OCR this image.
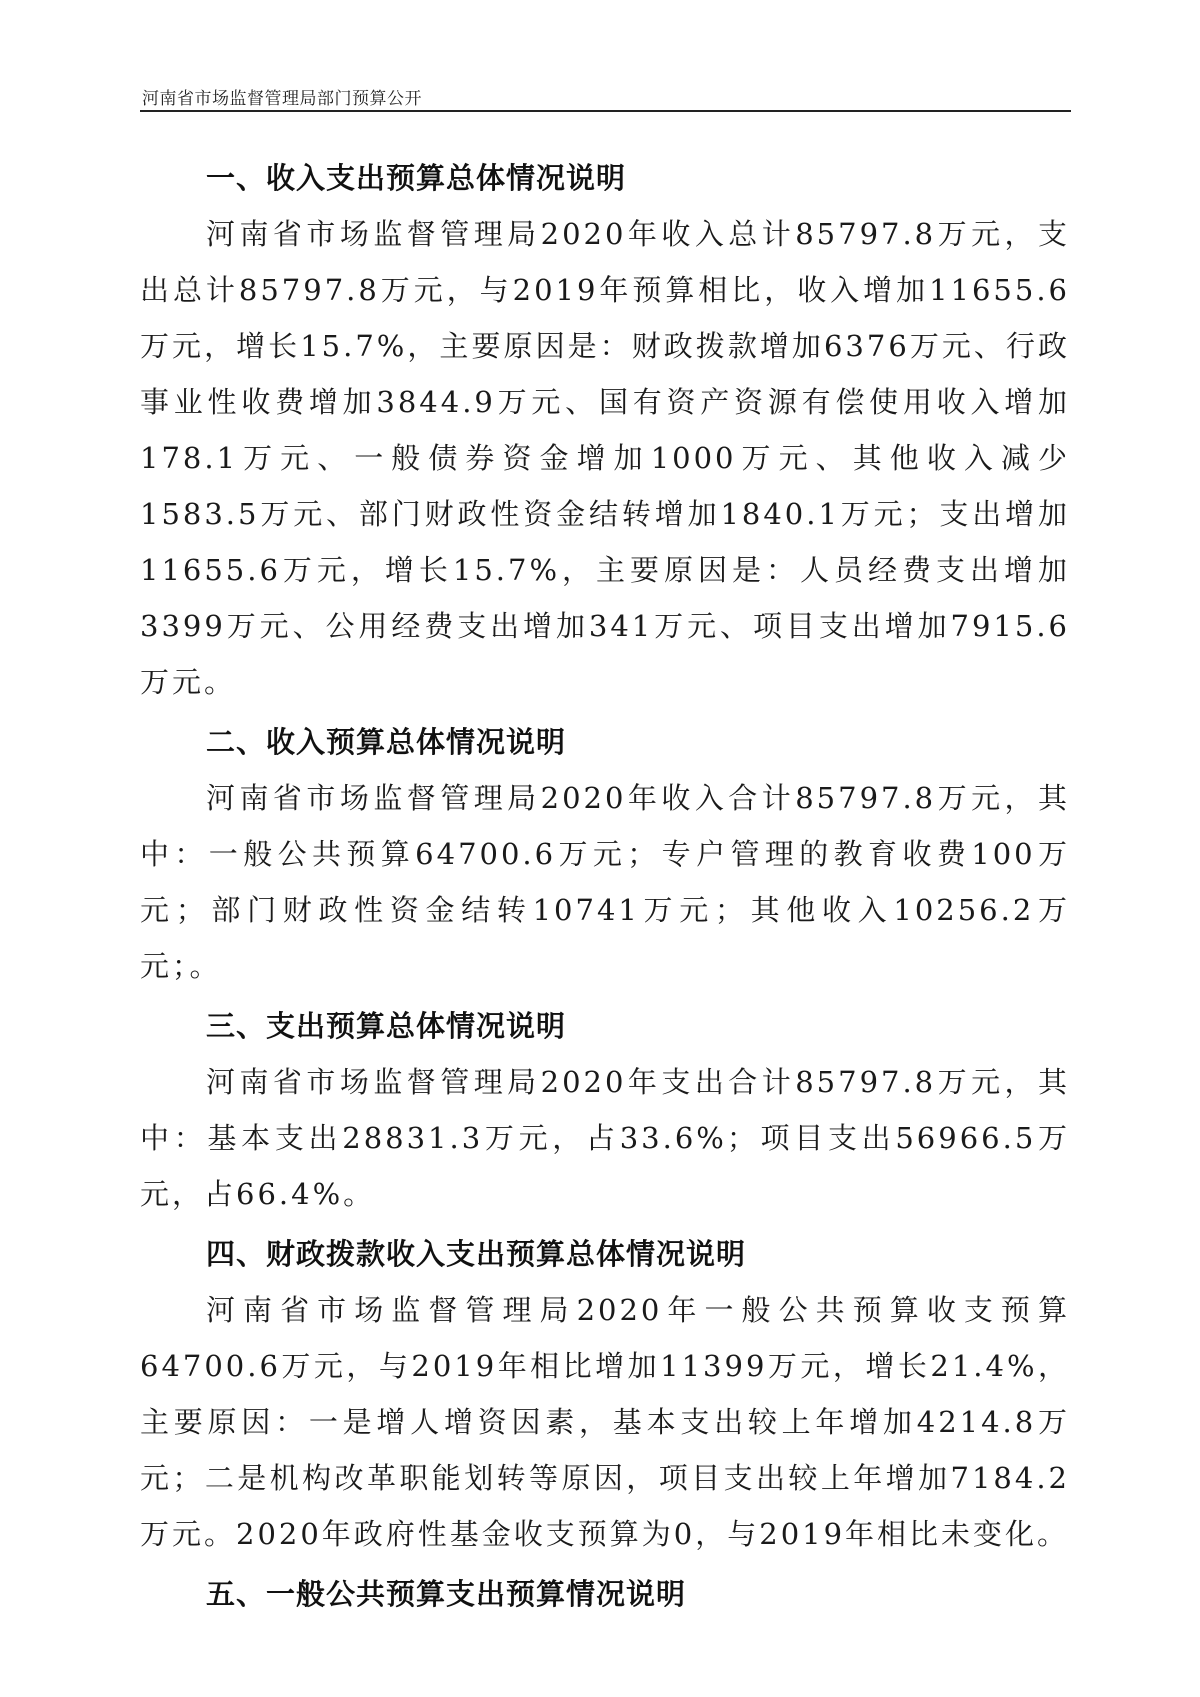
河南省市场监督管理局部门预算公开
一、收入支出预算总体情况说明
河南省市场监督管理局2020年收入总计85797.8万元，支出总计85797.8万元，与2019年预算相比，收入增加11655.6万元，增长15.7%，主要原因是：财政拨款增加6376万元、行政事业性收费增加3844.9万元、国有资产资源有偿使用收入增加178.1万元、一般债券资金增加1000万元、其他收入减少1583.5万元、部门财政性资金结转增加1840.1万元；支出增加11655.6万元，增长15.7%，主要原因是：人员经费支出增加3399万元、公用经费支出增加341万元、项目支出增加7915.6万元。
二、收入预算总体情况说明
河南省市场监督管理局2020年收入合计85797.8万元，其中：一般公共预算64700.6万元；专户管理的教育收费100万元；部门财政性资金结转10741万元；其他收入10256.2万元；。
三、支出预算总体情况说明
河南省市场监督管理局2020年支出合计85797.8万元，其中：基本支出28831.3万元，占33.6%；项目支出56966.5万元，占66.4%。
四、财政拨款收入支出预算总体情况说明
河南省市场监督管理局2020年一般公共预算收支预算64700.6万元，与2019年相比增加11399万元，增长21.4%，主要原因：一是增人增资因素，基本支出较上年增加4214.8万元；二是机构改革职能划转等原因，项目支出较上年增加7184.2万元。2020年政府性基金收支预算为0，与2019年相比未变化。
五、一般公共预算支出预算情况说明
